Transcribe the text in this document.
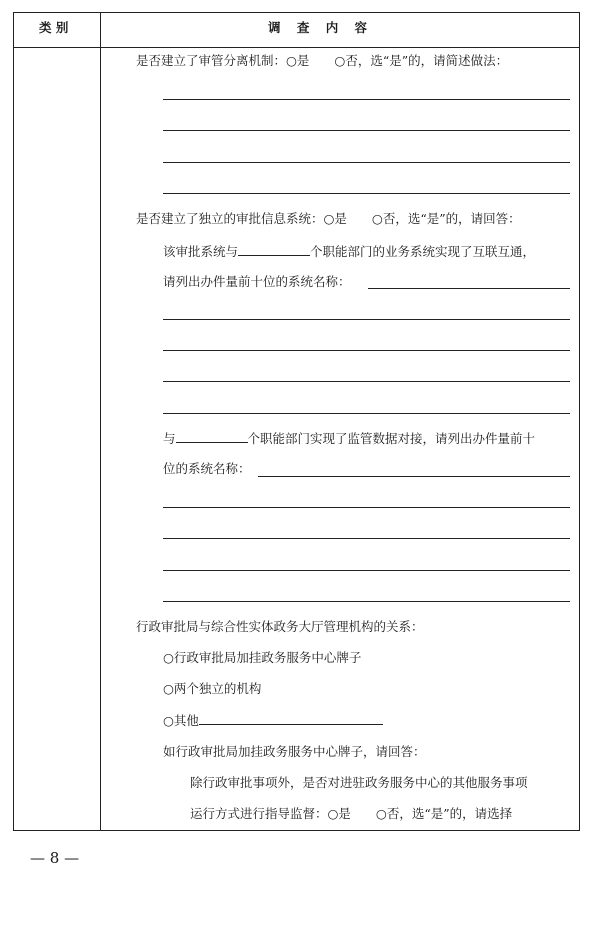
类 别	调 查 内 容
是否建立了审管分离机制：○是　　○否，选“是”的，请简述做法：
是否建立了独立的审批信息系统：○是　　○否，选“是”的，请回答：
该审批系统与	个职能部门的业务系统实现了互联互通，
请列出办件量前十位的系统名称：
与	个职能部门实现了监管数据对接，请列出办件量前十
位的系统名称：
行政审批局与综合性实体政务大厅管理机构的关系：
○行政审批局加挂政务服务中心牌子
○两个独立的机构
○其他
如行政审批局加挂政务服务中心牌子，请回答：
除行政审批事项外，是否对进驻政务服务中心的其他服务事项
运行方式进行指导监督：○是　　○否，选“是”的，请选择
— 8 —
